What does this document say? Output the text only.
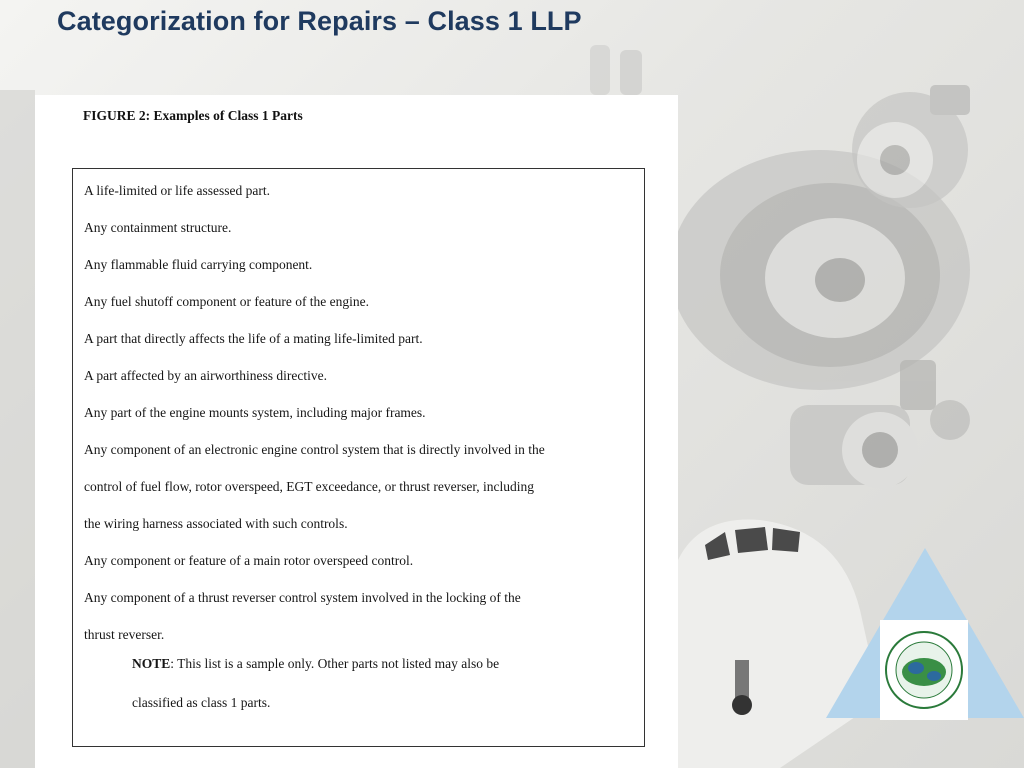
Categorization for Repairs – Class 1 LLP
FIGURE 2: Examples of Class 1 Parts
A life-limited or life assessed part.
Any containment structure.
Any flammable fluid carrying component.
Any fuel shutoff component or feature of the engine.
A part that directly affects the life of a mating life-limited part.
A part affected by an airworthiness directive.
Any part of the engine mounts system, including major frames.
Any component of an electronic engine control system that is directly involved in the
control of fuel flow, rotor overspeed, EGT exceedance, or thrust reverser, including
the wiring harness associated with such controls.
Any component or feature of a main rotor overspeed control.
Any component of a thrust reverser control system involved in the locking of the
thrust reverser.
NOTE: This list is a sample only. Other parts not listed may also be
classified as class 1 parts.
